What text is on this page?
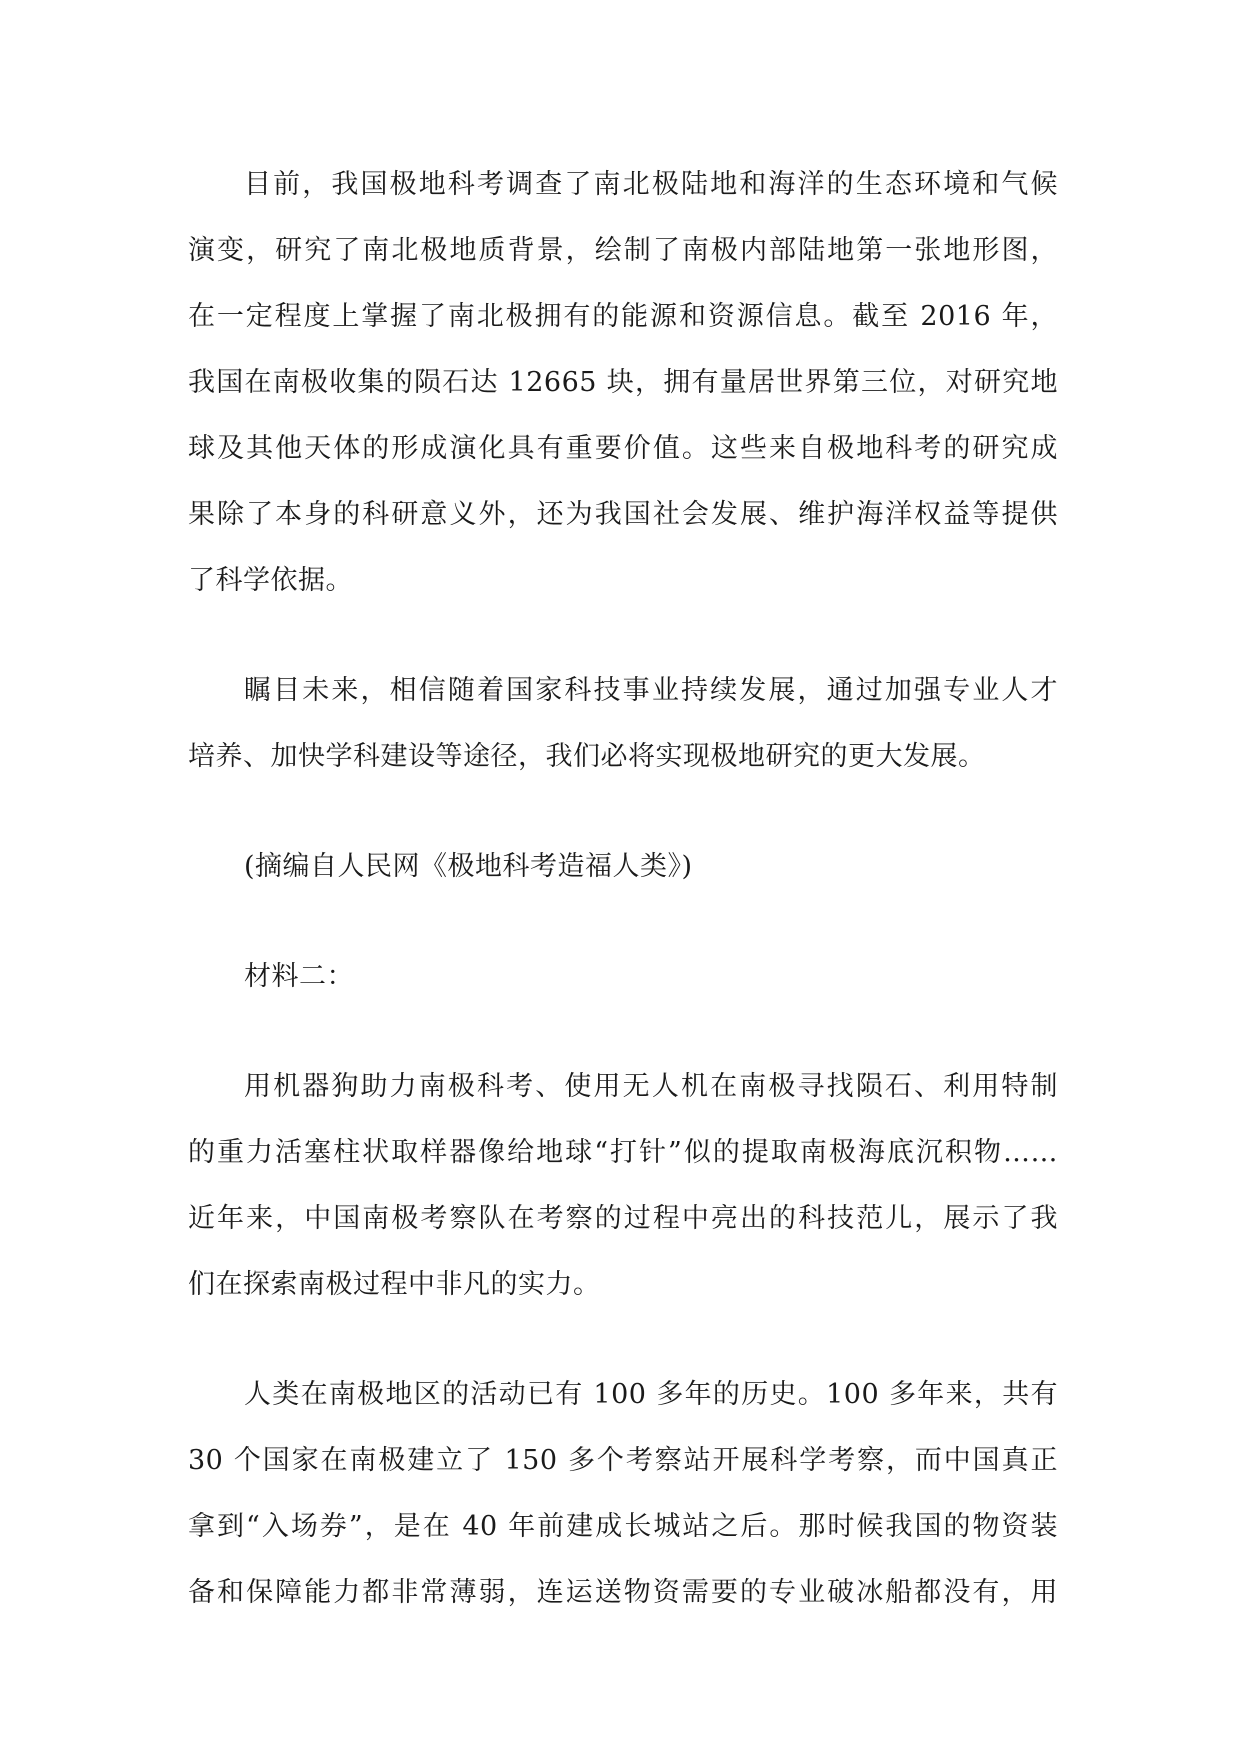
目前，我国极地科考调查了南北极陆地和海洋的生态环境和气候
演变，研究了南北极地质背景，绘制了南极内部陆地第一张地形图，
在一定程度上掌握了南北极拥有的能源和资源信息。截至 2016 年，
我国在南极收集的陨石达 12665 块，拥有量居世界第三位，对研究地
球及其他天体的形成演化具有重要价值。这些来自极地科考的研究成
果除了本身的科研意义外，还为我国社会发展、维护海洋权益等提供
了科学依据。
瞩目未来，相信随着国家科技事业持续发展，通过加强专业人才
培养、加快学科建设等途径，我们必将实现极地研究的更大发展。
(摘编自人民网《极地科考造福人类》)
材料二：
用机器狗助力南极科考、使用无人机在南极寻找陨石、利用特制
的重力活塞柱状取样器像给地球“打针”似的提取南极海底沉积物……
近年来，中国南极考察队在考察的过程中亮出的科技范儿，展示了我
们在探索南极过程中非凡的实力。
人类在南极地区的活动已有 100 多年的历史。100 多年来，共有
30 个国家在南极建立了 150 多个考察站开展科学考察，而中国真正
拿到“入场券”，是在 40 年前建成长城站之后。那时候我国的物资装
备和保障能力都非常薄弱，连运送物资需要的专业破冰船都没有，用
